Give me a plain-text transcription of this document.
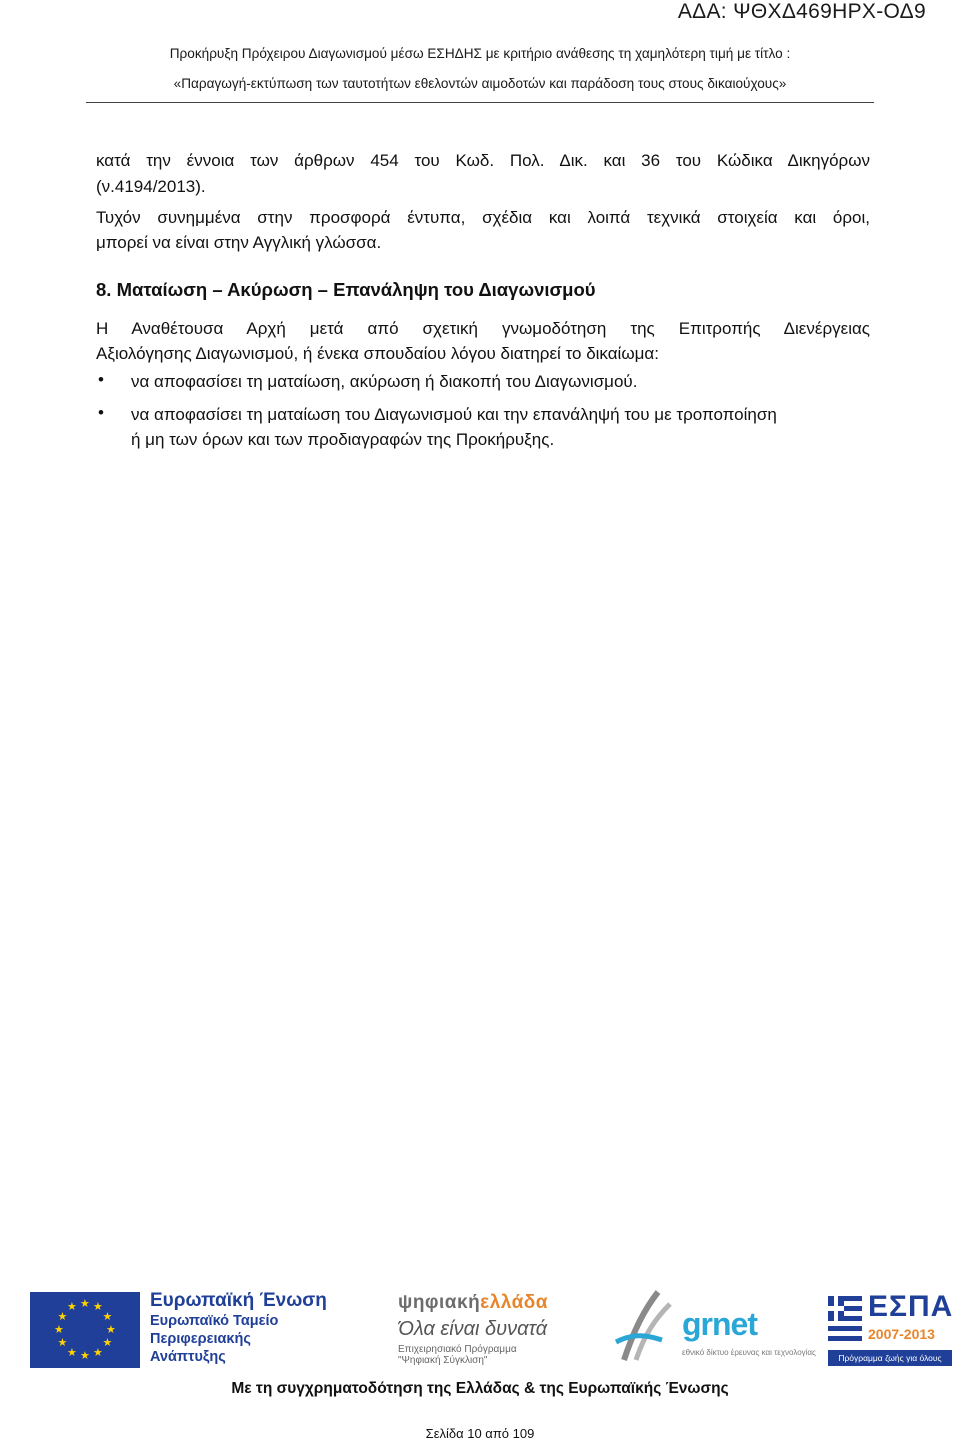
ΑΔΑ: ΨΘΧΔ469ΗΡΧ-ΟΔ9
Προκήρυξη Πρόχειρου Διαγωνισμού μέσω ΕΣΗΔΗΣ με κριτήριο ανάθεσης τη χαμηλότερη τιμή με τίτλο :
«Παραγωγή-εκτύπωση των ταυτοτήτων εθελοντών αιμοδοτών και παράδοση τους στους δικαιούχους»
κατά την έννοια των άρθρων 454 του Κωδ. Πολ. Δικ. και 36 του Κώδικα Δικηγόρων
(ν.4194/2013).
Τυχόν συνημμένα στην προσφορά έντυπα, σχέδια και λοιπά τεχνικά στοιχεία και όροι,
μπορεί να είναι στην Αγγλική γλώσσα.
8. Ματαίωση – Ακύρωση – Επανάληψη του Διαγωνισμού
Η Αναθέτουσα Αρχή μετά από σχετική γνωμοδότηση της Επιτροπής Διενέργειας
Αξιολόγησης Διαγωνισμού, ή ένεκα σπουδαίου λόγου διατηρεί το δικαίωμα:
• να αποφασίσει τη ματαίωση, ακύρωση ή διακοπή του Διαγωνισμού.
• να αποφασίσει τη ματαίωση του Διαγωνισμού και την επανάληψή του με τροποποίηση
ή μη των όρων και των προδιαγραφών της Προκήρυξης.
★ ★
★
★
★
★
★
★
★
★
★
★	Ευρωπαϊκή Ένωση
Ευρωπαϊκό Ταμείο
Περιφερειακής
Ανάπτυξης
ψηφιακήελλάδα
Όλα είναι δυνατά
Επιχειρησιακό Πρόγραμμα
"Ψηφιακή Σύγκλιση"
grnet
εθνικό δίκτυο έρευνας και τεχνολογίας
ΕΣΠΑ
2007-2013
Πρόγραμμα ζωής για όλους
Με τη συγχρηματοδότηση της Ελλάδας & της Ευρωπαϊκής Ένωσης
Σελίδα 10 από 109
